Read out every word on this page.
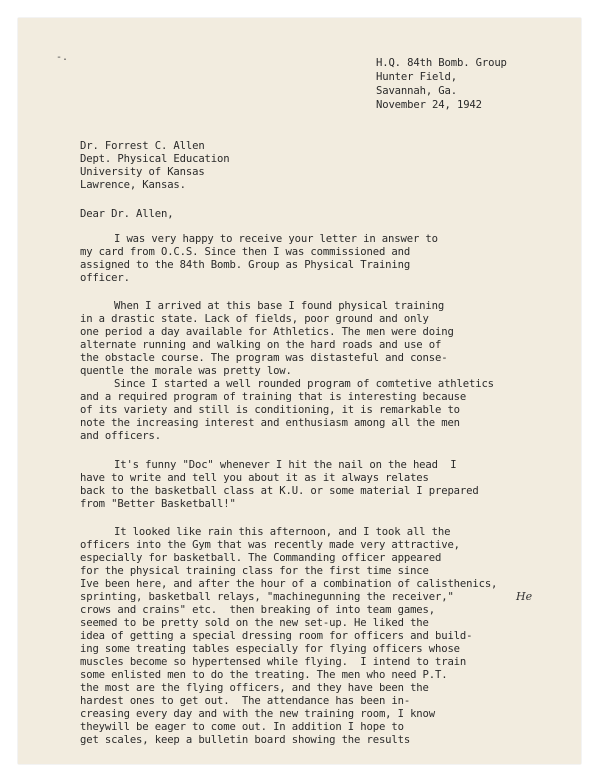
-.	H.Q. 84th Bomb. Group
Hunter Field,
Savannah, Ga.
November 24, 1942
Dr. Forrest C. Allen
Dept. Physical Education
University of Kansas
Lawrence, Kansas.
Dear Dr. Allen,
I was very happy to receive your letter in answer to
my card from O.C.S. Since then I was commissioned and
assigned to the 84th Bomb. Group as Physical Training
officer.
When I arrived at this base I found physical training
in a drastic state. Lack of fields, poor ground and only
one period a day available for Athletics. The men were doing
alternate running and walking on the hard roads and use of
the obstacle course. The program was distasteful and conse-
quentle the morale was pretty low.
Since I started a well rounded program of comtetive athletics
and a required program of training that is interesting because
of its variety and still is conditioning, it is remarkable to
note the increasing interest and enthusiasm among all the men
and officers.
It's funny "Doc" whenever I hit the nail on the head  I
have to write and tell you about it as it always relates
back to the basketball class at K.U. or some material I prepared
from "Better Basketball!"
It looked like rain this afternoon, and I took all the
officers into the Gym that was recently made very attractive,
especially for basketball. The Commanding officer appeared
for the physical training class for the first time since
Ive been here, and after the hour of a combination of calisthenics,
sprinting, basketball relays, "machinegunning the receiver,"
crows and crains" etc.  then breaking of into team games,
seemed to be pretty sold on the new set-up. He liked the
idea of getting a special dressing room for officers and build-
ing some treating tables especially for flying officers whose
muscles become so hypertensed while flying.  I intend to train
some enlisted men to do the treating. The men who need P.T.
the most are the flying officers, and they have been the
hardest ones to get out.  The attendance has been in-
creasing every day and with the new training room, I know
theywill be eager to come out. In addition I hope to
get scales, keep a bulletin board showing the results
He
